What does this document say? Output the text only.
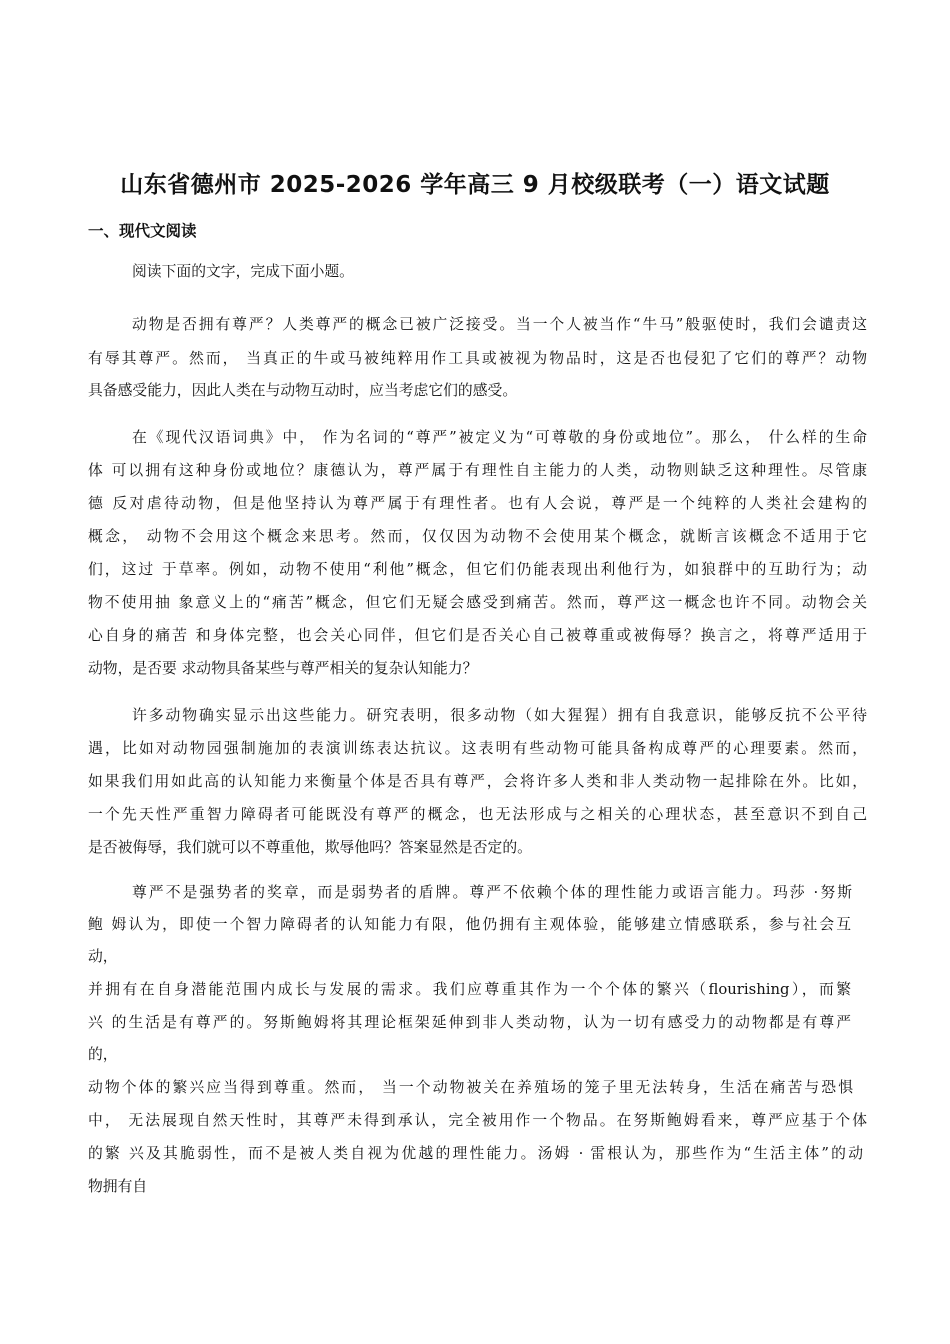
山东省德州市 2025-2026 学年高三 9 月校级联考（一）语文试题
一、现代文阅读

阅读下面的文字，完成下面小题。

动物是否拥有尊严？人类尊严的概念已被广泛接受。当一个人被当作“牛马”般驱使时，我们会谴责这

有辱其尊严。然而， 当真正的牛或马被纯粹用作工具或被视为物品时，这是否也侵犯了它们的尊严？动物

具备感受能力，因此人类在与动物互动时，应当考虑它们的感受。

在《现代汉语词典》中， 作为名词的“尊严”被定义为“可尊敬的身份或地位”。那么， 什么样的生命

体 可以拥有这种身份或地位？康德认为，尊严属于有理性自主能力的人类，动物则缺乏这种理性。尽管康

德 反对虐待动物，但是他坚持认为尊严属于有理性者。也有人会说，尊严是一个纯粹的人类社会建构的

概念， 动物不会用这个概念来思考。然而，仅仅因为动物不会使用某个概念，就断言该概念不适用于它

们，这过 于草率。例如，动物不使用“利他”概念，但它们仍能表现出利他行为，如狼群中的互助行为；动

物不使用抽 象意义上的“痛苦”概念，但它们无疑会感受到痛苦。然而，尊严这一概念也许不同。动物会关

心自身的痛苦 和身体完整，也会关心同伴，但它们是否关心自己被尊重或被侮辱？换言之，将尊严适用于

动物，是否要 求动物具备某些与尊严相关的复杂认知能力？

许多动物确实显示出这些能力。研究表明，很多动物（如大猩猩）拥有自我意识，能够反抗不公平待

遇，比如对动物园强制施加的表演训练表达抗议。这表明有些动物可能具备构成尊严的心理要素。然而，

如果我们用如此高的认知能力来衡量个体是否具有尊严，会将许多人类和非人类动物一起排除在外。比如，

一个先天性严重智力障碍者可能既没有尊严的概念，也无法形成与之相关的心理状态，甚至意识不到自己

是否被侮辱，我们就可以不尊重他，欺辱他吗？答案显然是否定的。

尊严不是强势者的奖章，而是弱势者的盾牌。尊严不依赖个体的理性能力或语言能力。玛莎 ·努斯

鲍 姆认为，即使一个智力障碍者的认知能力有限，他仍拥有主观体验，能够建立情感联系，参与社会互

动，

并拥有在自身潜能范围内成长与发展的需求。我们应尊重其作为一个个体的繁兴（flourishing），而繁

兴 的生活是有尊严的。努斯鲍姆将其理论框架延伸到非人类动物，认为一切有感受力的动物都是有尊严

的，

动物个体的繁兴应当得到尊重。然而， 当一个动物被关在养殖场的笼子里无法转身，生活在痛苦与恐惧

中， 无法展现自然天性时，其尊严未得到承认，完全被用作一个物品。在努斯鲍姆看来，尊严应基于个体

的繁 兴及其脆弱性，而不是被人类自视为优越的理性能力。汤姆 · 雷根认为，那些作为“生活主体”的动

物拥有自
